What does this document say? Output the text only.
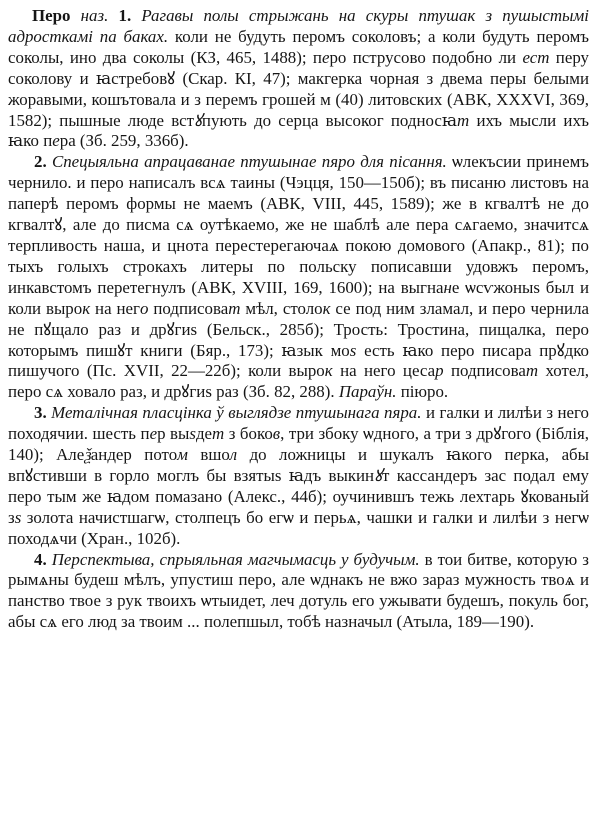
Перо наз. 1. Рагавы полы стрыжань на скуры птушак з пушыстымі адросткамі па баках. коли не будуть перомъ соколовъ; а коли будуть перомъ соколы, ино два соколы (КЗ, 465, 1488); перо пструсово подобно ли ест перу соколову и ꙗстребовꙋ (Скар. КІ, 47); макгерка чорная з двема перы белыми жоравыми, кошътовала и з перемъ грошей м (40) литовских (АВК, XXXVI, 369, 1582); пышные люде встꙋпують до серца высоког подносꙗт ихъ мысли ихъ ꙗко пера (Зб. 259, 336б).

2. Спецыяльна апрацаванае птушынае пяро для пісання. ѡлекъсии принемъ чернило. и перо написалъ всѧ таины (Чэцця, 150—150б); въ писаню листовъ на паперѣ перомъ формы не маемъ (АВК, VIII, 445, 1589); же в кгвалтѣ не до кгвалтꙋ, але до писма сѧ оутѣкаемо, же не шаблѣ але пера сѧгаемо, значитсѧ терпливость наша, и цнота перестерегаючаѧ покою домового (Апакр., 81); по тыхъ голыхъ строкахъ литеры по польску пописавши удовжъ перомъ, инкавстомъ перетегнулъ (АВК, XVIII, 169, 1600); на выгнане ѡсѵжоныs был и коли вырок на него подписоват мѣл, столок се под ним зламал, и перо чернила не пꙋщало раз и дрꙋгиs (Бельск., 285б); Трость: Тростина, пищалка, перо которымъ пишꙋт книги (Бяр., 173); ꙗзык моs есть ꙗко перо писара прꙋдко пишучого (Пс. XVII, 22—22б); коли вырок на него цесар подписоват хотел, перо сѧ ховало раз, и дрꙋгиs раз (Зб. 82, 288). Параўн. піюро.

3. Металічная пласцінка ў выглядзе птушынага пяра. и галки и лилѣи з него походячии. шесть пер выѕдет з боков, три збоку ѡдного, а три з дрꙋгого (Біблія, 140); Алеѯандер потом вшол до ложницы и шукалъ ꙗкого перка, абы впꙋстивши в горло моглъ бы взятыs ꙗдъ выкинꙋт кассандеръ зас подал ему перо тым же ꙗдом помазано (Алекс., 44б); оучинившъ тежь лехтарь ꙋкованый зs золота начистшагѡ, столпецъ бо егѡ и перьѧ, чашки и галки и лилѣи з негѡ походѧчи (Хран., 102б).

4. Перспектыва, спрыяльная магчымасць у будучым. в тои битве, которую з рымѧны будеш мѣлъ, упустиш перо, але ѡднакъ не вжо зараз мужность твоѧ и панство твое з рук твоихъ ѡтыидет, леч дотуль его ужывати будешъ, покуль бог, абы сѧ его люд за твоим ... полепшыл, тобѣ назначыл (Атыла, 189—190).
